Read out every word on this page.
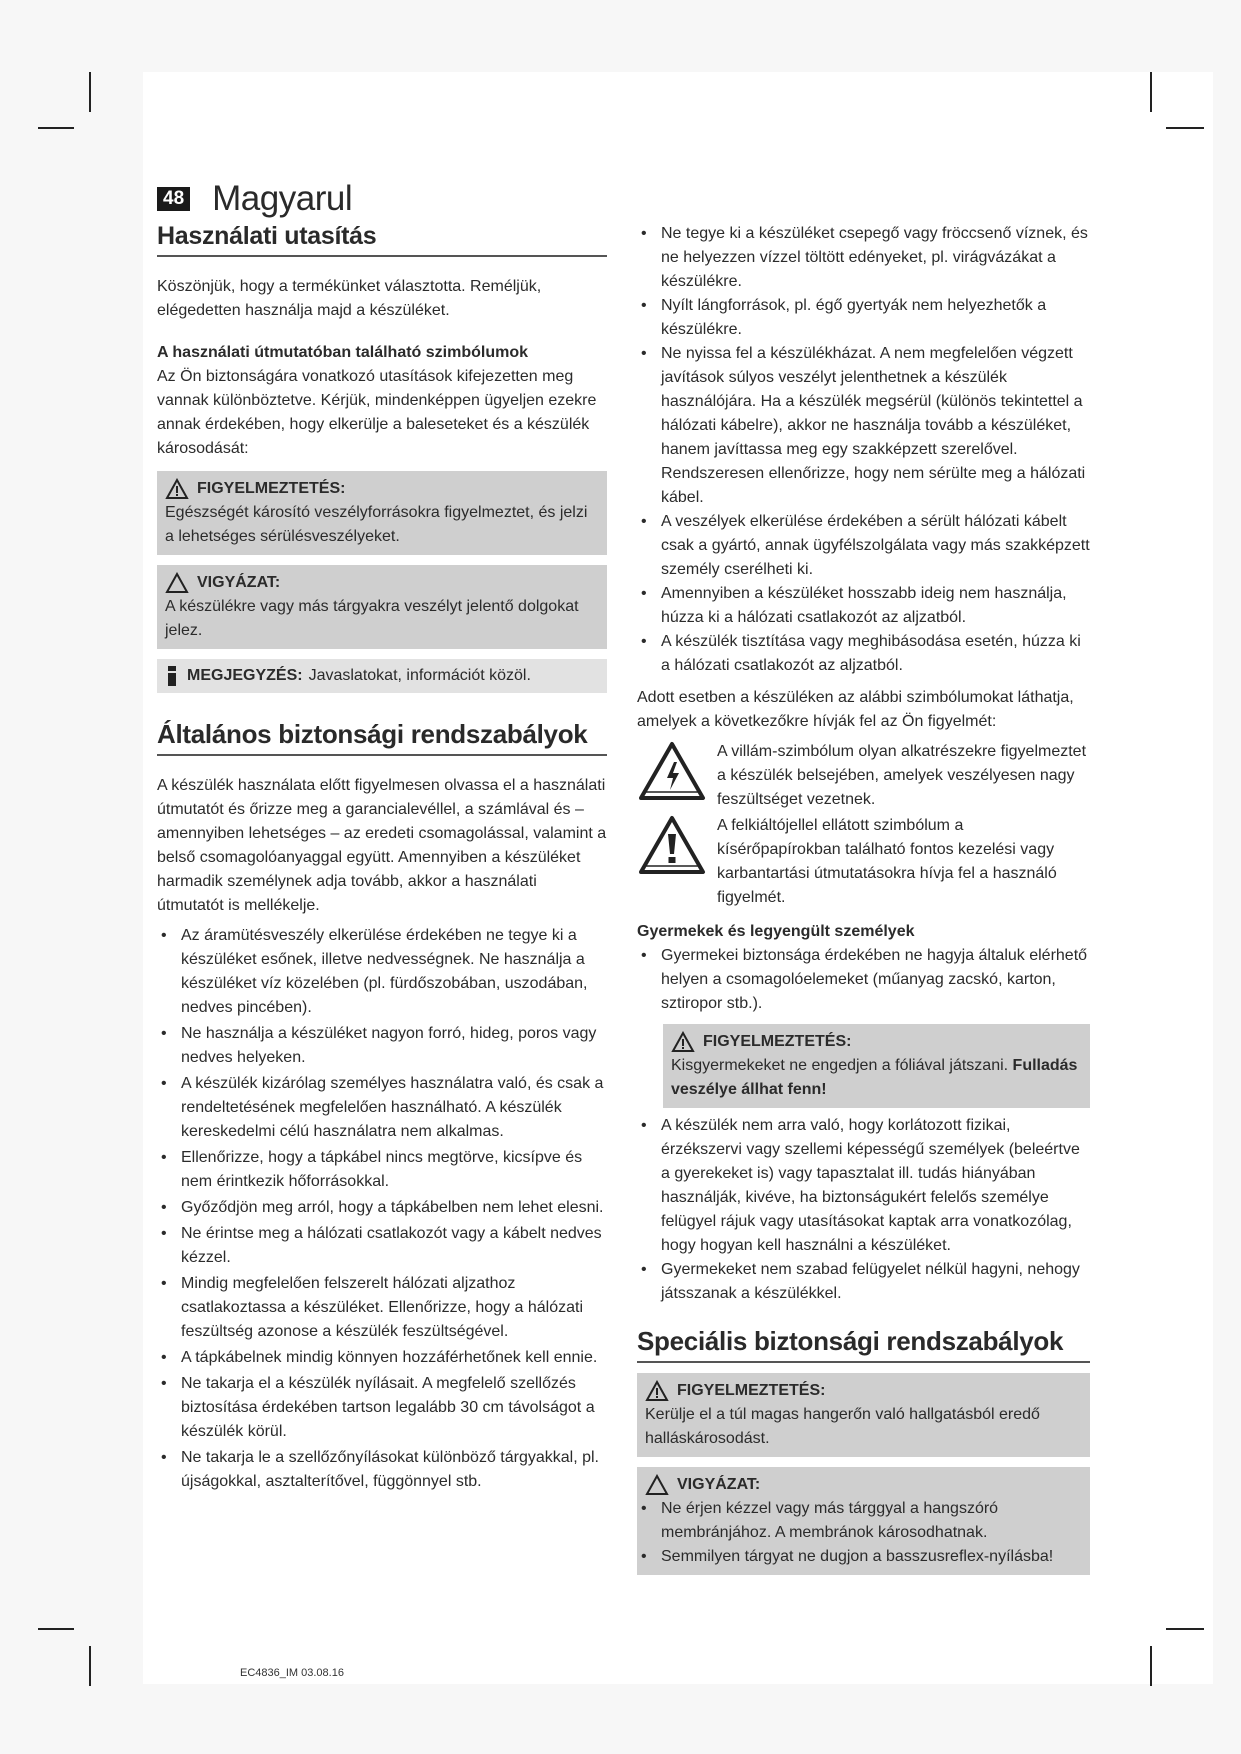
48 Magyarul
Használati utasítás

Köszönjük, hogy a termékünket választotta. Reméljük, elégedetten használja majd a készüléket.

A használati útmutatóban található szimbólumok

Az Ön biztonságára vonatkozó utasítások kifejezetten meg vannak különböztetve. Kérjük, mindenképpen ügyeljen ezekre annak érdekében, hogy elkerülje a baleseteket és a készülék károsodását:

FIGYELMEZTETÉS:
Egészségét károsító veszélyforrásokra figyelmeztet, és jelzi a lehetséges sérülésveszélyeket.
VIGYÁZAT:
A készülékre vagy más tárgyakra veszélyt jelentő dolgokat jelez.
MEGJEGYZÉS: Javaslatokat, információt közöl.
Általános biztonsági rendszabályok

A készülék használata előtt figyelmesen olvassa el a használati útmutatót és őrizze meg a garancialevéllel, a számlával és – amennyiben lehetséges – az eredeti csomagolással, valamint a belső csomagolóanyaggal együtt. Amennyiben a készüléket harmadik személynek adja tovább, akkor a használati útmutatót is mellékelje.

• Az áramütésveszély elkerülése érdekében ne tegye ki a készüléket esőnek, illetve nedvességnek. Ne használja a készüléket víz közelében (pl. fürdőszobában, uszodában, nedves pincében).
• Ne használja a készüléket nagyon forró, hideg, poros vagy nedves helyeken.
• A készülék kizárólag személyes használatra való, és csak a rendeltetésének megfelelően használható. A készülék kereskedelmi célú használatra nem alkalmas.
• Ellenőrizze, hogy a tápkábel nincs megtörve, kicsípve és nem érintkezik hőforrásokkal.
• Győződjön meg arról, hogy a tápkábelben nem lehet elesni.
• Ne érintse meg a hálózati csatlakozót vagy a kábelt nedves kézzel.
• Mindig megfelelően felszerelt hálózati aljzathoz csatlakoztassa a készüléket. Ellenőrizze, hogy a hálózati feszültség azonose a készülék feszültségével.
• A tápkábelnek mindig könnyen hozzáférhetőnek kell ennie.
• Ne takarja el a készülék nyílásait. A megfelelő szellőzés biztosítása érdekében tartson legalább 30 cm távolságot a készülék körül.
• Ne takarja le a szellőzőnyílásokat különböző tárgyakkal, pl. újságokkal, asztalterítővel, függönnyel stb.
• Ne tegye ki a készüléket csepegő vagy fröccsenő víznek, és ne helyezzen vízzel töltött edényeket, pl. virágvázákat a készülékre.
• Nyílt lángforrások, pl. égő gyertyák nem helyezhetők a készülékre.
• Ne nyissa fel a készülékházat. A nem megfelelően végzett javítások súlyos veszélyt jelenthetnek a készülék használójára. Ha a készülék megsérül (különös tekintettel a hálózati kábelre), akkor ne használja tovább a készüléket, hanem javíttassa meg egy szakképzett szerelővel. Rendszeresen ellenőrizze, hogy nem sérülte meg a hálózati kábel.
• A veszélyek elkerülése érdekében a sérült hálózati kábelt csak a gyártó, annak ügyfélszolgálata vagy más szakképzett személy cserélheti ki.
• Amennyiben a készüléket hosszabb ideig nem használja, húzza ki a hálózati csatlakozót az aljzatból.
• A készülék tisztítása vagy meghibásodása esetén, húzza ki a hálózati csatlakozót az aljzatból.

Adott esetben a készüléken az alábbi szimbólumokat láthatja, amelyek a következőkre hívják fel az Ön figyelmét:

A villám-szimbólum olyan alkatrészekre figyelmeztet a készülék belsejében, amelyek veszélyesen nagy feszültséget vezetnek.

A felkiáltójellel ellátott szimbólum a kísérőpapírokban található fontos kezelési vagy karbantartási útmutatásokra hívja fel a használó figyelmét.

Gyermekek és legyengült személyek

• Gyermekei biztonsága érdekében ne hagyja általuk elérhető helyen a csomagolóelemeket (műanyag zacskó, karton, sztiropor stb.).
FIGYELMEZTETÉS:
Kisgyermekeket ne engedjen a fóliával játszani. Fulladás veszélye állhat fenn!
• A készülék nem arra való, hogy korlátozott fizikai, érzékszervi vagy szellemi képességű személyek (beleértve a gyerekeket is) vagy tapasztalat ill. tudás hiányában használják, kivéve, ha biztonságukért felelős személye felügyel rájuk vagy utasításokat kaptak arra vonatkozólag, hogy hogyan kell használni a készüléket.
• Gyermekeket nem szabad felügyelet nélkül hagyni, nehogy játsszanak a készülékkel.
Speciális biztonsági rendszabályok
FIGYELMEZTETÉS:
Kerülje el a túl magas hangerőn való hallgatásból eredő halláskárosodást.
VIGYÁZAT:
• Ne érjen kézzel vagy más tárggyal a hangszóró membránjához. A membránok károsodhatnak.
• Semmilyen tárgyat ne dugjon a basszusreflex-nyílásba!
EC4836_IM 03.08.16
